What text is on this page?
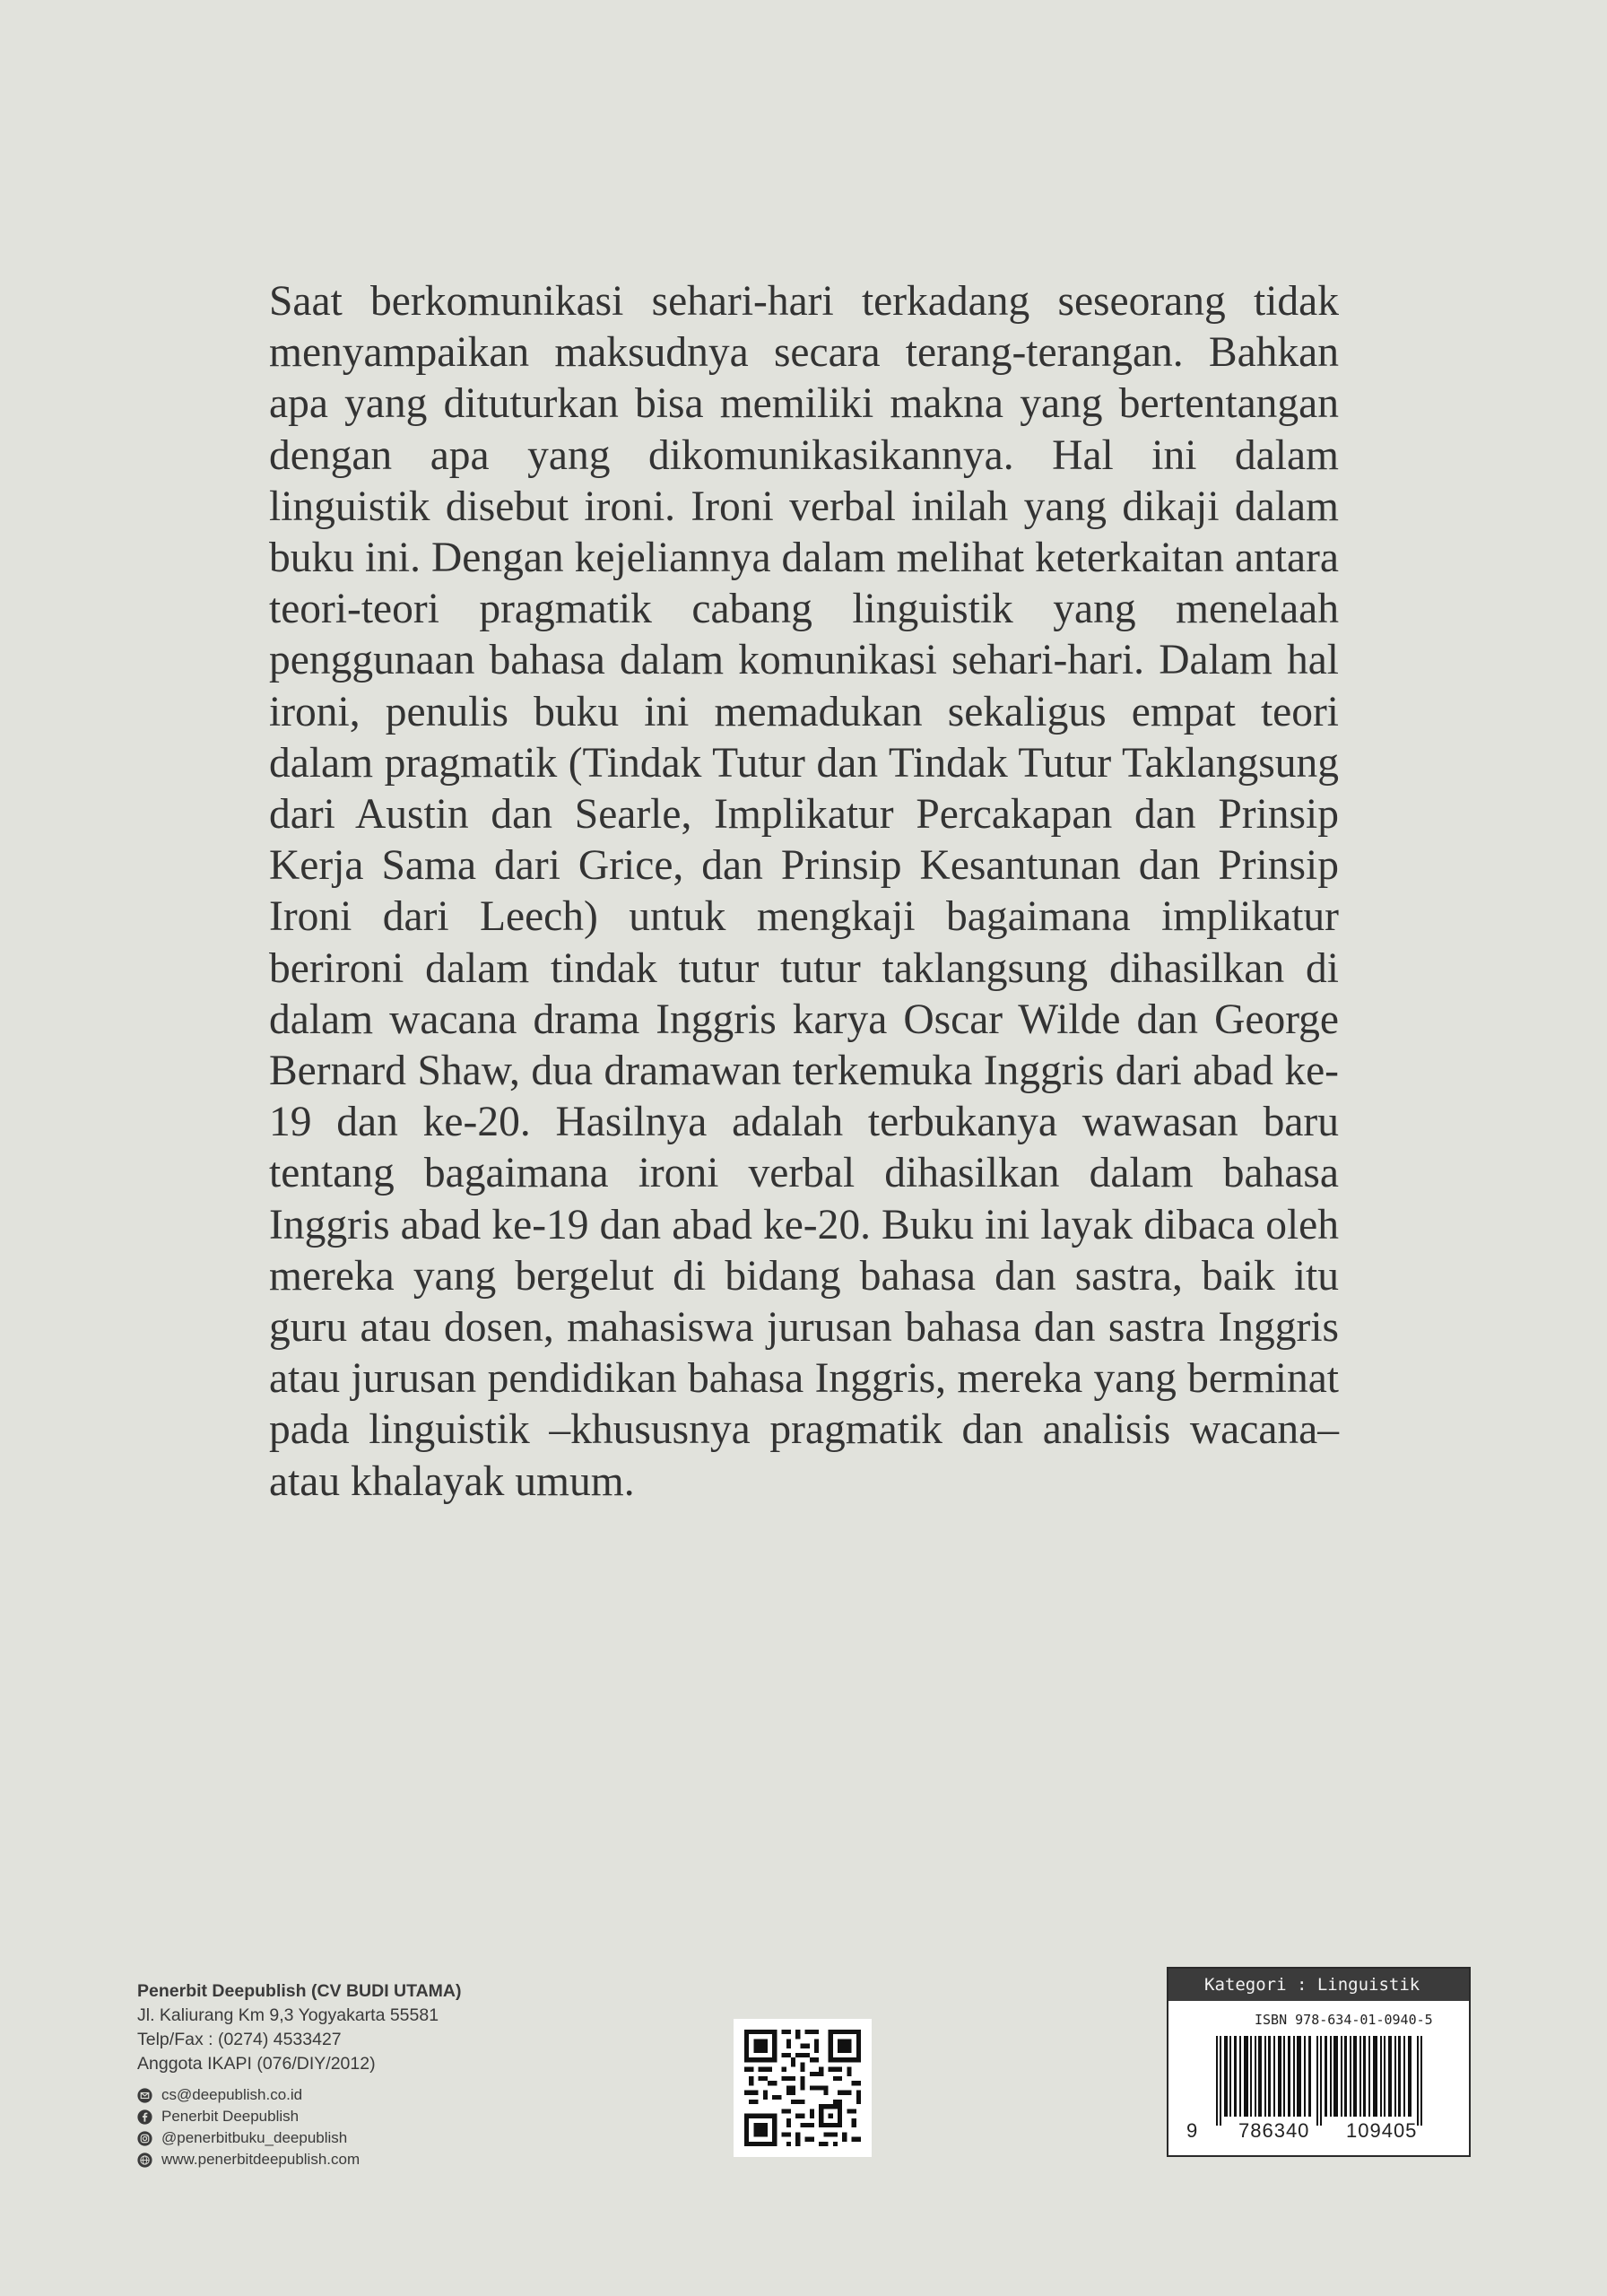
Saat berkomunikasi sehari-hari terkadang seseorang tidak menyampaikan maksudnya secara terang-terangan. Bahkan apa yang dituturkan bisa memiliki makna yang bertentangan dengan apa yang dikomunikasikannya. Hal ini dalam linguistik disebut ironi. Ironi verbal inilah yang dikaji dalam buku ini. Dengan kejeliannya dalam melihat keterkaitan antara teori-teori pragmatik cabang linguistik yang menelaah penggunaan bahasa dalam komunikasi sehari-hari. Dalam hal ironi, penulis buku ini memadukan sekaligus empat teori dalam pragmatik (Tindak Tutur dan Tindak Tutur Taklangsung dari Austin dan Searle, Implikatur Percakapan dan Prinsip Kerja Sama dari Grice, dan Prinsip Kesantunan dan Prinsip Ironi dari Leech) untuk mengkaji bagaimana implikatur berironi dalam tindak tutur tutur taklangsung dihasilkan di dalam wacana drama Inggris karya Oscar Wilde dan George Bernard Shaw, dua dramawan terkemuka Inggris dari abad ke-19 dan ke-20. Hasilnya adalah terbukanya wawasan baru tentang bagaimana ironi verbal dihasilkan dalam bahasa Inggris abad ke-19 dan abad ke-20. Buku ini layak dibaca oleh mereka yang bergelut di bidang bahasa dan sastra, baik itu guru atau dosen, mahasiswa jurusan bahasa dan sastra Inggris atau jurusan pendidikan bahasa Inggris, mereka yang berminat pada linguistik –khususnya pragmatik dan analisis wacana– atau khalayak umum.

Penerbit Deepublish (CV BUDI UTAMA)

Jl. Kaliurang Km 9,3 Yogyakarta 55581

Telp/Fax : (0274) 4533427

Anggota IKAPI (076/DIY/2012)

cs@deepublish.co.id
Penerbit Deepublish
@penerbitbuku_deepublish
www.penerbitdeepublish.com
Kategori : Linguistik
ISBN 978-634-01-0940-5
9 786340 109405
